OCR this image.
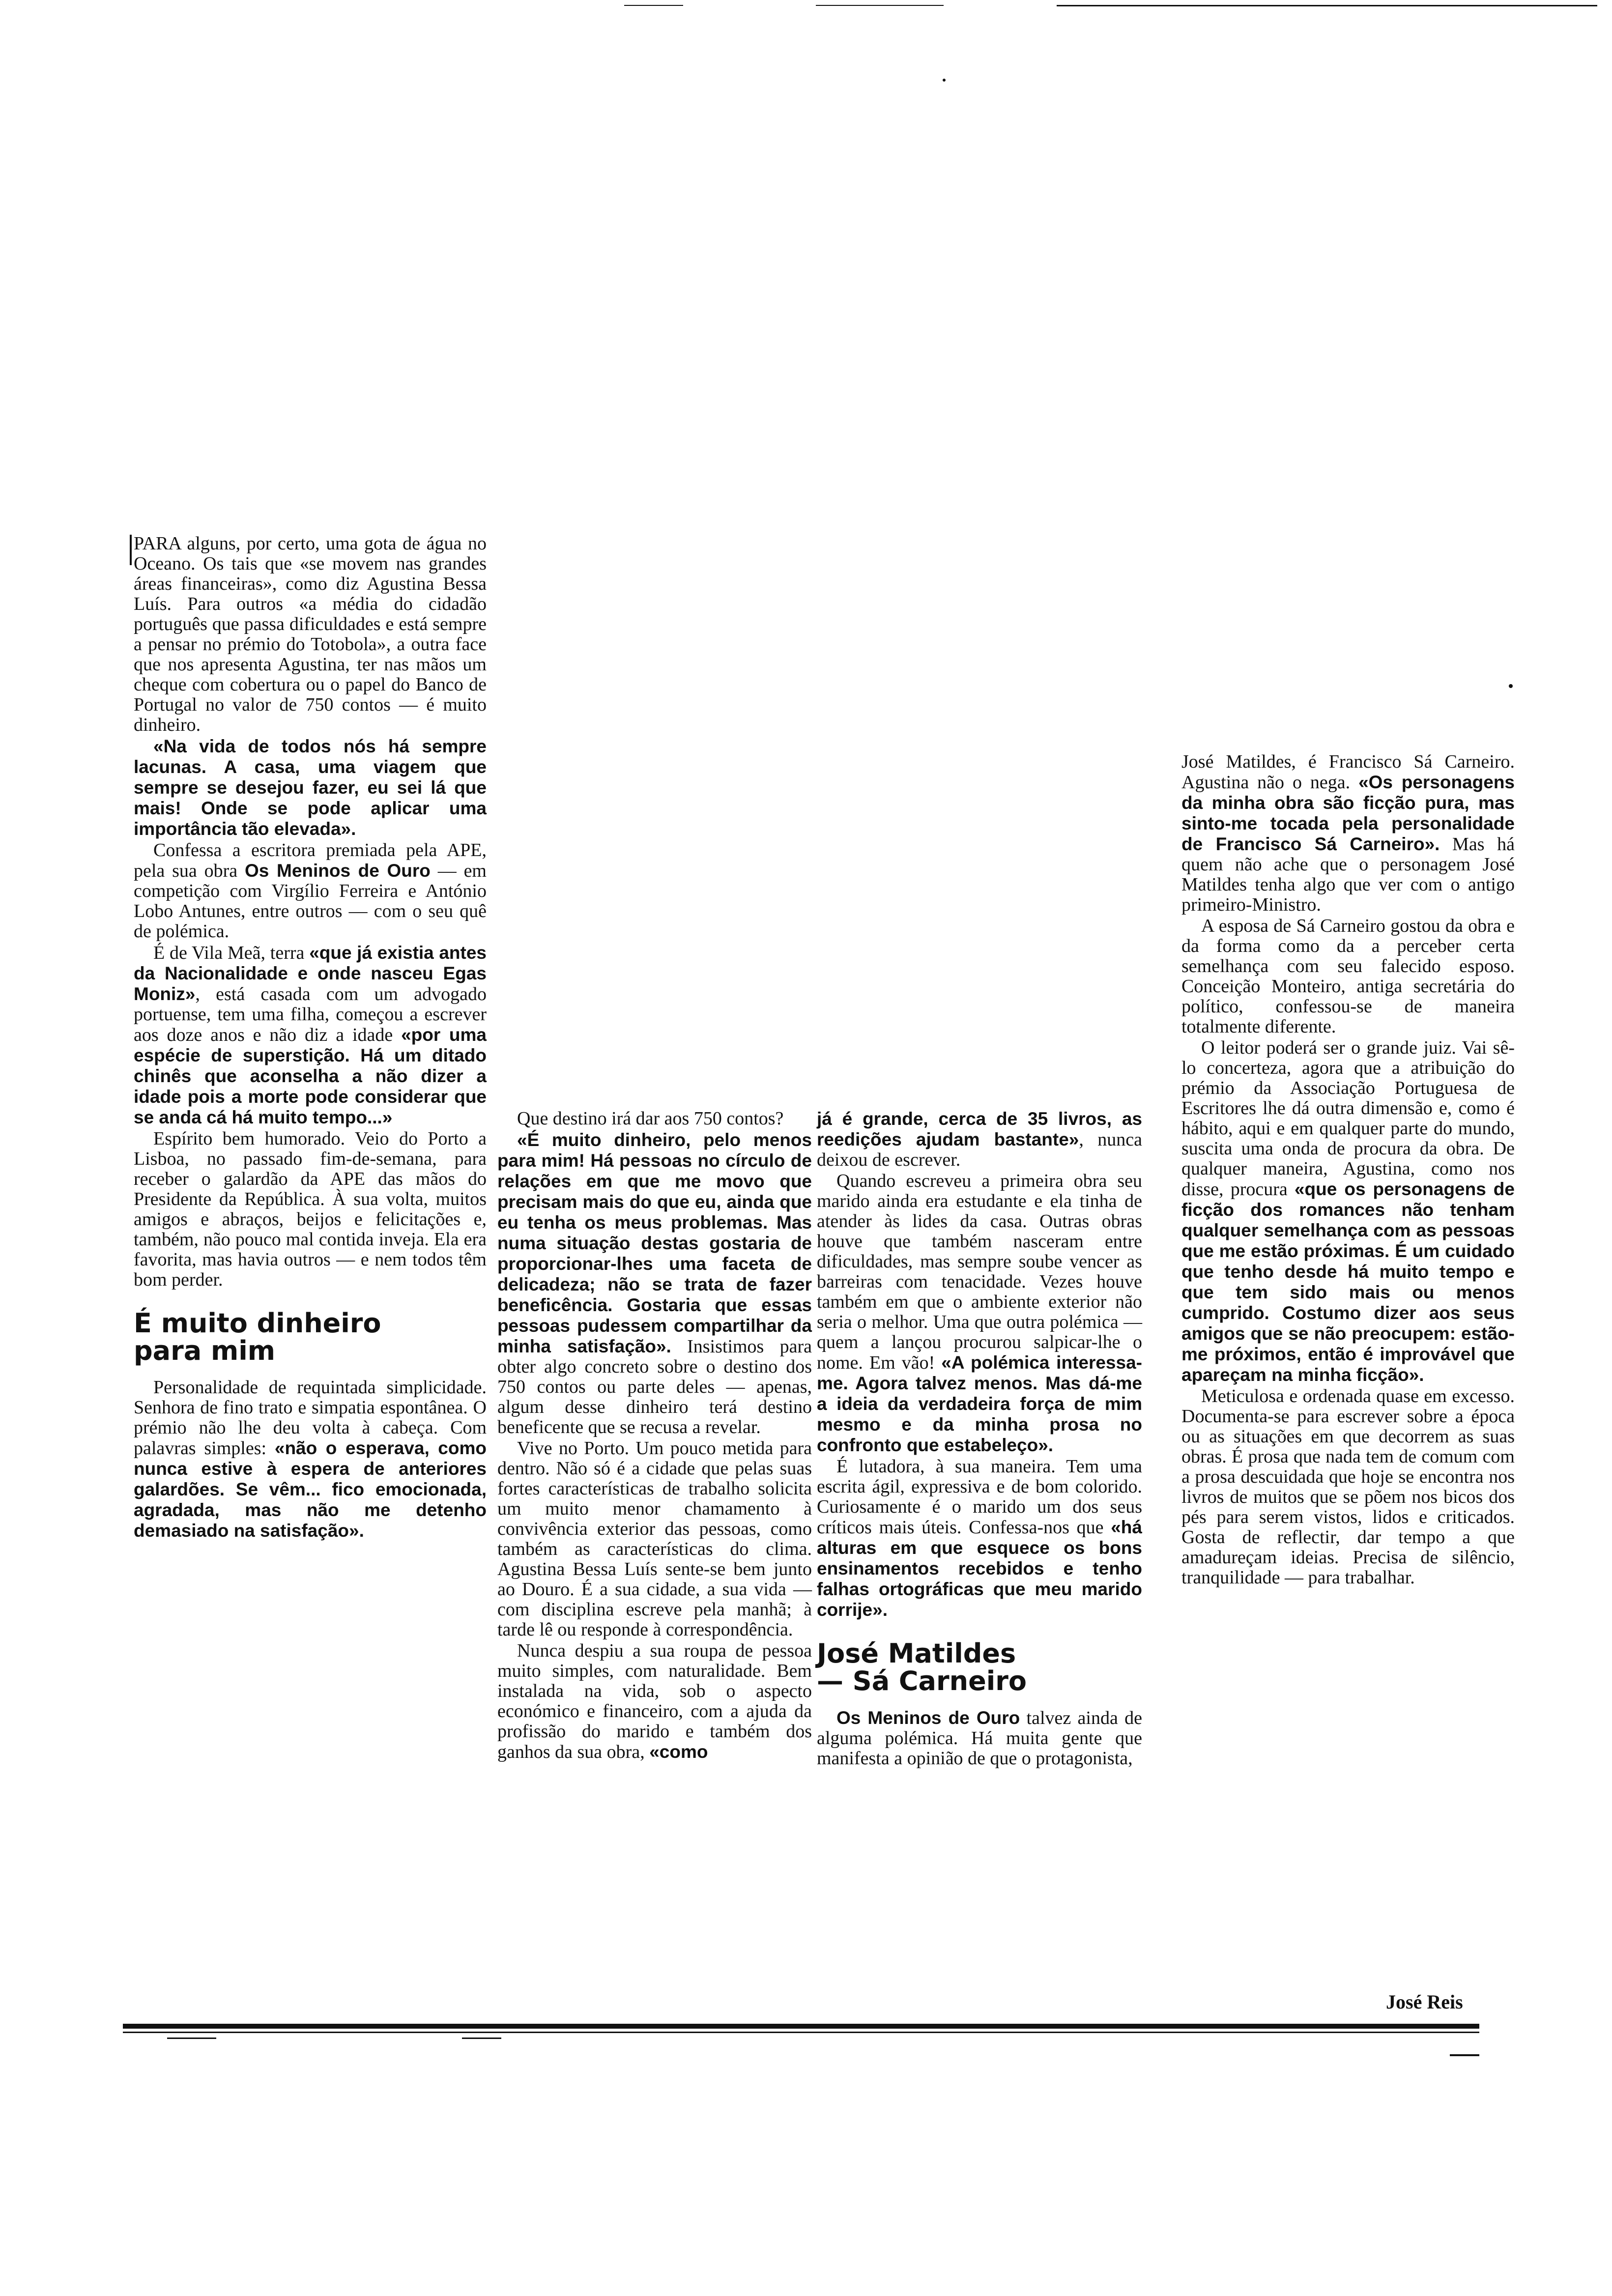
PARA alguns, por certo, uma gota de água no Oceano. Os tais que «se movem nas grandes áreas financeiras», como diz Agustina Bessa Luís. Para outros «a média do cidadão português que passa dificuldades e está sempre a pensar no prémio do Totobola», a outra face que nos apresenta Agustina, ter nas mãos um cheque com cobertura ou o papel do Banco de Portugal no valor de 750 contos — é muito dinheiro.

«Na vida de todos nós há sempre lacunas. A casa, uma viagem que sempre se desejou fazer, eu sei lá que mais! Onde se pode aplicar uma importância tão elevada».

Confessa a escritora premiada pela APE, pela sua obra Os Meninos de Ouro — em competição com Virgílio Ferreira e António Lobo Antunes, entre outros — com o seu quê de polémica.

É de Vila Meã, terra «que já existia antes da Nacionalidade e onde nasceu Egas Moniz», está casada com um advogado portuense, tem uma filha, começou a escrever aos doze anos e não diz a idade «por uma espécie de superstição. Há um ditado chinês que aconselha a não dizer a idade pois a morte pode considerar que se anda cá há muito tempo...»

Espírito bem humorado. Veio do Porto a Lisboa, no passado fim-de-semana, para receber o galardão da APE das mãos do Presidente da República. À sua volta, muitos amigos e abraços, beijos e felicitações e, também, não pouco mal contida inveja. Ela era favorita, mas havia outros — e nem todos têm bom perder.

É muito dinheiro
para mim

Personalidade de requintada simplicidade. Senhora de fino trato e simpatia espontânea. O prémio não lhe deu volta à cabeça. Com palavras simples: «não o esperava, como nunca estive à espera de anteriores galardões. Se vêm... fico emocionada, agradada, mas não me detenho demasiado na satisfação».

Que destino irá dar aos 750 contos?

«É muito dinheiro, pelo menos para mim! Há pessoas no círculo de relações em que me movo que precisam mais do que eu, ainda que eu tenha os meus problemas. Mas numa situação destas gostaria de proporcionar-lhes uma faceta de delicadeza; não se trata de fazer beneficência. Gostaria que essas pessoas pudessem compartilhar da minha satisfação». Insistimos para obter algo concreto sobre o destino dos 750 contos ou parte deles — apenas, algum desse dinheiro terá destino beneficente que se recusa a revelar.

Vive no Porto. Um pouco metida para dentro. Não só é a cidade que pelas suas fortes características de trabalho solicita um muito menor chamamento à convivência exterior das pessoas, como também as características do clima. Agustina Bessa Luís sente-se bem junto ao Douro. É a sua cidade, a sua vida — com disciplina escreve pela manhã; à tarde lê ou responde à correspondência.

Nunca despiu a sua roupa de pessoa muito simples, com naturalidade. Bem instalada na vida, sob o aspecto económico e financeiro, com a ajuda da profissão do marido e também dos ganhos da sua obra, «como

já é grande, cerca de 35 livros, as reedições ajudam bastante», nunca deixou de escrever.

Quando escreveu a primeira obra seu marido ainda era estudante e ela tinha de atender às lides da casa. Outras obras houve que também nasceram entre dificuldades, mas sempre soube vencer as barreiras com tenacidade. Vezes houve também em que o ambiente exterior não seria o melhor. Uma que outra polémica — quem a lançou procurou salpicar-lhe o nome. Em vão! «A polémica interessa-me. Agora talvez menos. Mas dá-me a ideia da verdadeira força de mim mesmo e da minha prosa no confronto que estabeleço».

É lutadora, à sua maneira. Tem uma escrita ágil, expressiva e de bom colorido. Curiosamente é o marido um dos seus críticos mais úteis. Confessa-nos que «há alturas em que esquece os bons ensinamentos recebidos e tenho falhas ortográficas que meu marido corrije».

José Matildes
— Sá Carneiro

Os Meninos de Ouro talvez ainda de alguma polémica. Há muita gente que manifesta a opinião de que o protagonista,

José Matildes, é Francisco Sá Carneiro. Agustina não o nega. «Os personagens da minha obra são ficção pura, mas sinto-me tocada pela personalidade de Francisco Sá Carneiro». Mas há quem não ache que o personagem José Matildes tenha algo que ver com o antigo primeiro-Ministro.

A esposa de Sá Carneiro gostou da obra e da forma como da a perceber certa semelhança com seu falecido esposo. Conceição Monteiro, antiga secretária do político, confessou-se de maneira totalmente diferente.

O leitor poderá ser o grande juiz. Vai sê-lo concerteza, agora que a atribuição do prémio da Associação Portuguesa de Escritores lhe dá outra dimensão e, como é hábito, aqui e em qualquer parte do mundo, suscita uma onda de procura da obra. De qualquer maneira, Agustina, como nos disse, procura «que os personagens de ficção dos romances não tenham qualquer semelhança com as pessoas que me estão próximas. É um cuidado que tenho desde há muito tempo e que tem sido mais ou menos cumprido. Costumo dizer aos seus amigos que se não preocupem: estão-me próximos, então é improvável que apareçam na minha ficção».

Meticulosa e ordenada quase em excesso. Documenta-se para escrever sobre a época ou as situações em que decorrem as suas obras. É prosa que nada tem de comum com a prosa descuidada que hoje se encontra nos livros de muitos que se põem nos bicos dos pés para serem vistos, lidos e criticados. Gosta de reflectir, dar tempo a que amadureçam ideias. Precisa de silêncio, tranquilidade — para trabalhar.

José Reis
